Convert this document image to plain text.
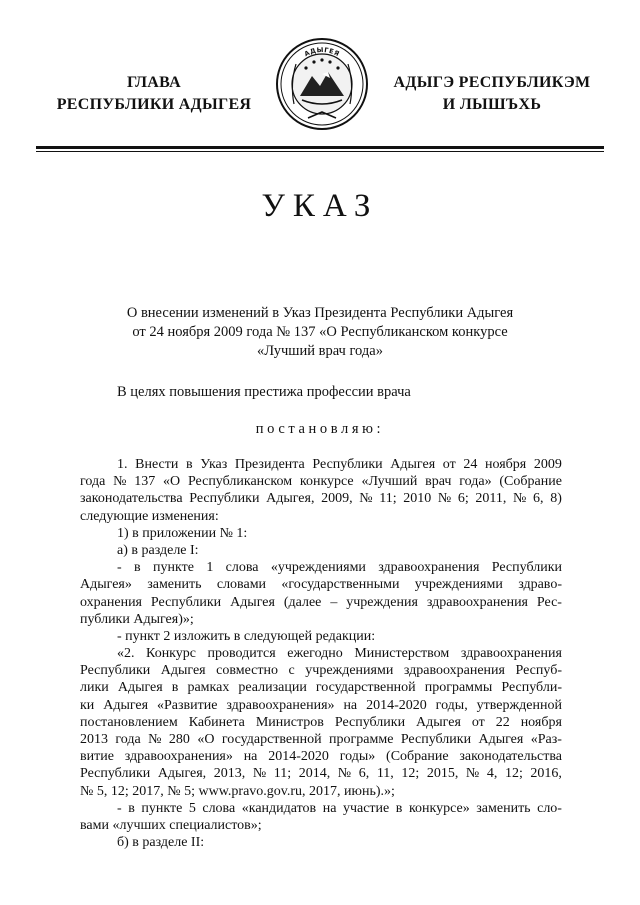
ГЛАВА
РЕСПУБЛИКИ АДЫГЕЯ
АДЫГЕЯ
АДЫГЭ РЕСПУБЛИКЭМ
И ЛЫШЪХЬ
УКАЗ
О внесении изменений в Указ Президента Республики Адыгея
от 24 ноября 2009 года № 137 «О Республиканском конкурсе
«Лучший врач года»
В целях повышения престижа профессии врача
постановляю:
1. Внести в Указ Президента Республики Адыгея от 24 ноября 2009
года № 137 «О Республиканском конкурсе «Лучший врач года» (Собрание
законодательства Республики Адыгея, 2009, № 11; 2010 № 6; 2011, № 6, 8)
следующие изменения:
1) в приложении № 1:
а) в разделе I:
- в пункте 1 слова «учреждениями здравоохранения Республики
Адыгея» заменить словами «государственными учреждениями здраво-
охранения Республики Адыгея (далее – учреждения здравоохранения Рес-
публики Адыгея)»;
- пункт 2 изложить в следующей редакции:
«2. Конкурс проводится ежегодно Министерством здравоохранения
Республики Адыгея совместно с учреждениями здравоохранения Респуб-
лики Адыгея в рамках реализации государственной программы Республи-
ки Адыгея «Развитие здравоохранения» на 2014-2020 годы, утвержденной
постановлением Кабинета Министров Республики Адыгея от 22 ноября
2013 года № 280 «О государственной программе Республики Адыгея «Раз-
витие здравоохранения» на 2014-2020 годы» (Собрание законодательства
Республики Адыгея, 2013, № 11; 2014, № 6, 11, 12; 2015, № 4, 12; 2016,
№ 5, 12; 2017, № 5; www.pravo.gov.ru, 2017, июнь).»;
- в пункте 5 слова «кандидатов на участие в конкурсе» заменить сло-
вами «лучших специалистов»;
б) в разделе II:
